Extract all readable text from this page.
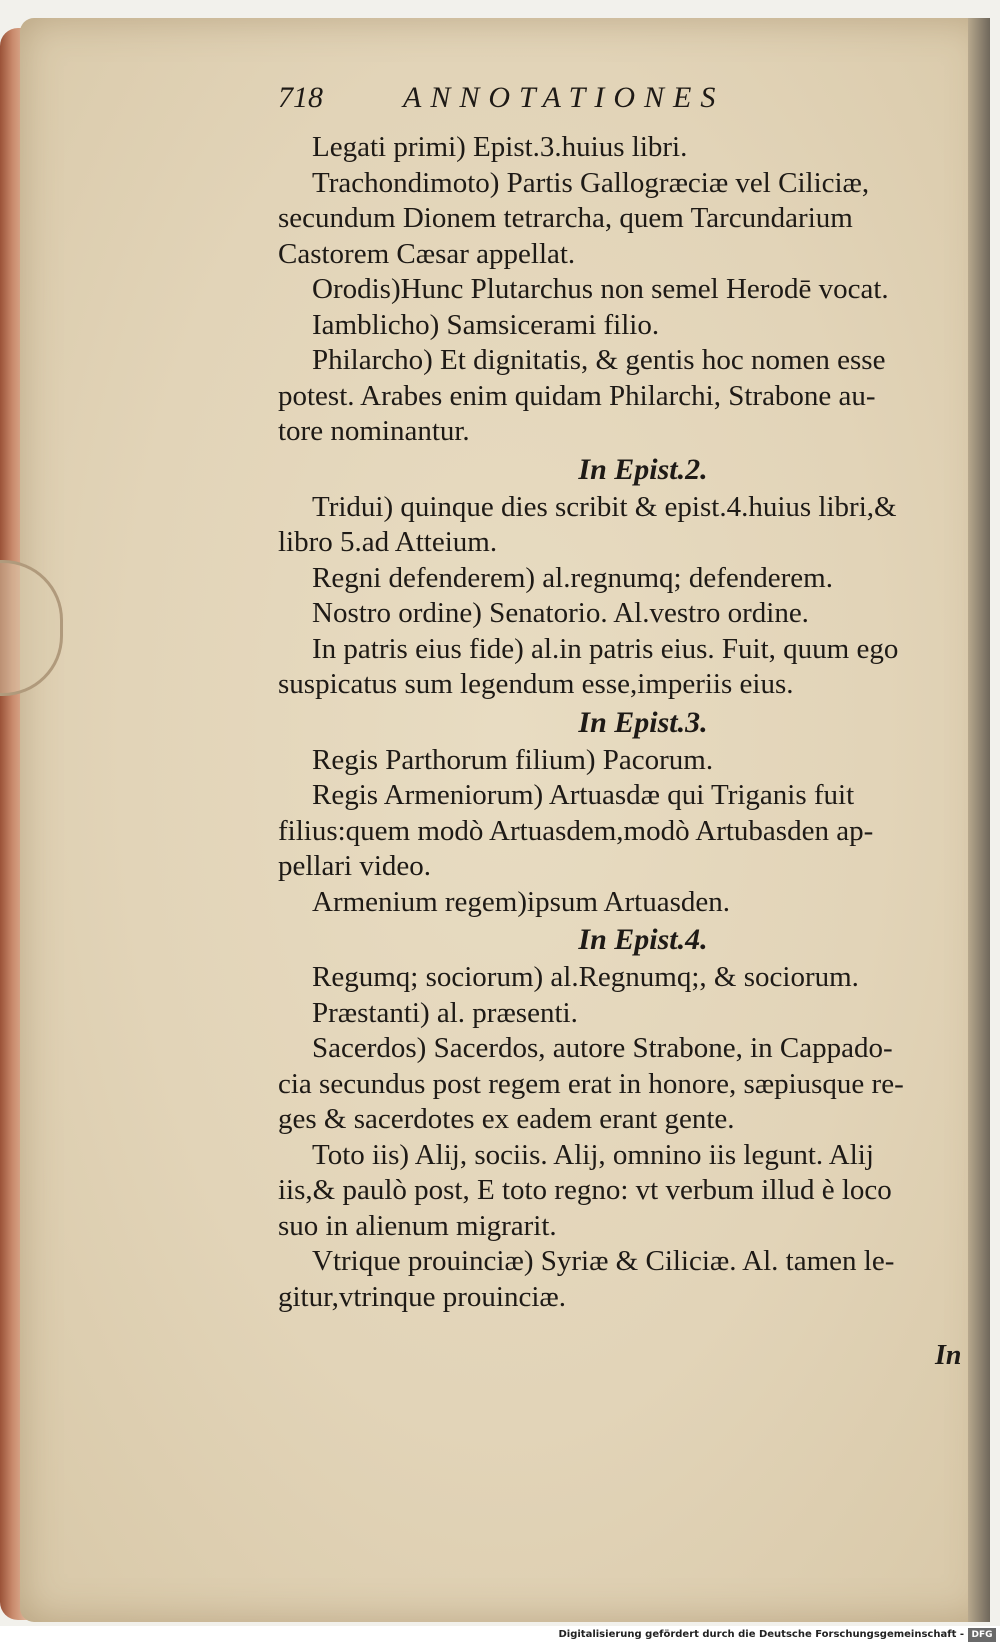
718	ANNOTATIONES
Legati primi) Epist.3.huius libri.
Trachondimoto) Partis Gallogræciæ vel Ciliciæ,
secundum Dionem tetrarcha, quem Tarcundarium
Castorem Cæsar appellat.
Orodis)Hunc Plutarchus non semel Herodē vocat.
Iamblicho) Samsicerami filio.
Philarcho) Et dignitatis, & gentis hoc nomen esse
potest. Arabes enim quidam Philarchi, Strabone au-
tore nominantur.
In Epist.2.
Tridui) quinque dies scribit & epist.4.huius libri,&
libro 5.ad Atteium.
Regni defenderem) al.regnumq; defenderem.
Nostro ordine) Senatorio. Al.vestro ordine.
In patris eius fide) al.in patris eius. Fuit, quum ego
suspicatus sum legendum esse,imperiis eius.
In Epist.3.
Regis Parthorum filium) Pacorum.
Regis Armeniorum) Artuasdæ qui Triganis fuit
filius:quem modò Artuasdem,modò Artubasden ap-
pellari video.
Armenium regem)ipsum Artuasden.
In Epist.4.
Regumq; sociorum) al.Regnumq;, & sociorum.
Præstanti) al. præsenti.
Sacerdos) Sacerdos, autore Strabone, in Cappado-
cia secundus post regem erat in honore, sæpiusque re-
ges & sacerdotes ex eadem erant gente.
Toto iis) Alij, sociis. Alij, omnino iis legunt. Alij
iis,& paulò post, E toto regno: vt verbum illud è loco
suo in alienum migrarit.
Vtrique prouinciæ) Syriæ & Ciliciæ. Al. tamen le-
gitur,vtrinque prouinciæ.
In
Digitalisierung gefördert durch die Deutsche Forschungsgemeinschaft - DFG
